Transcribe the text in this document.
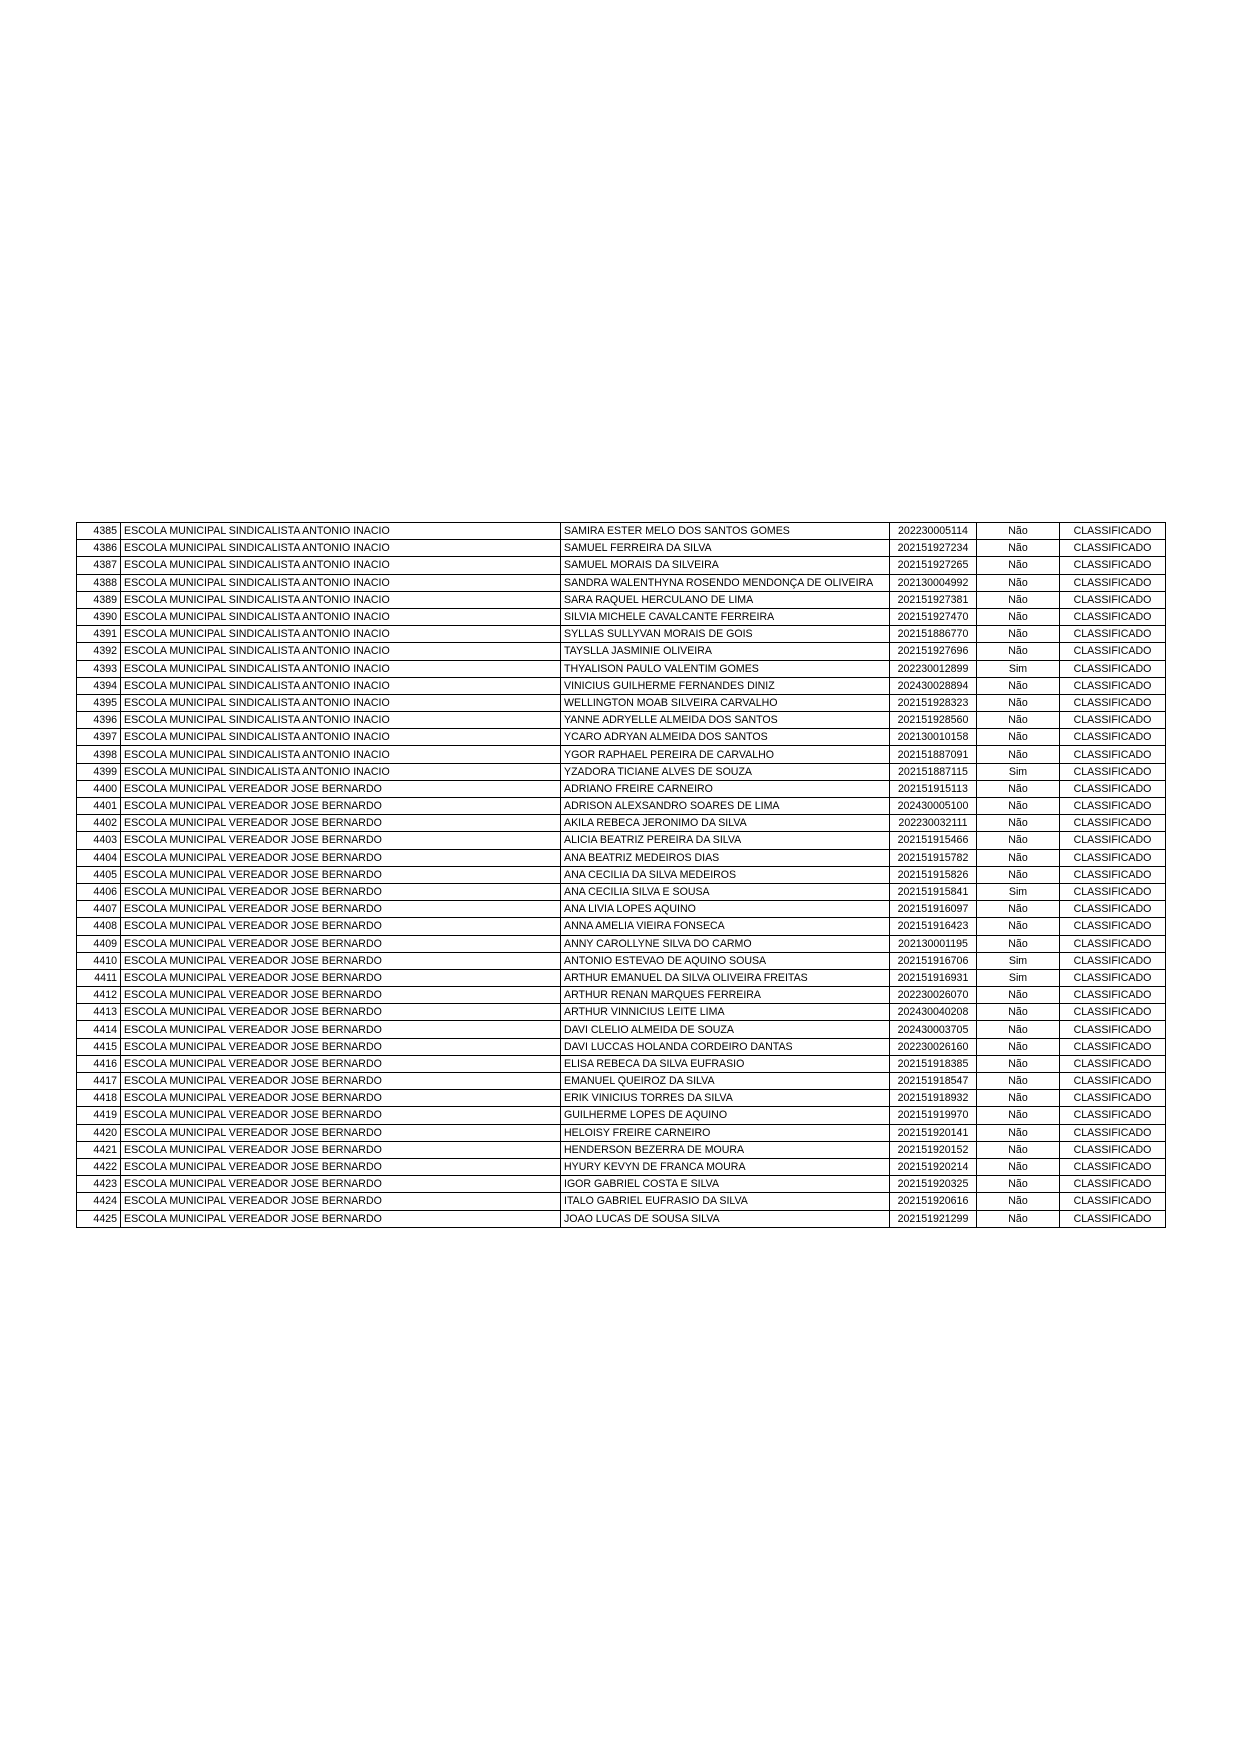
4385	ESCOLA MUNICIPAL SINDICALISTA ANTONIO INACIO	SAMIRA ESTER MELO DOS SANTOS GOMES	202230005114	Não	CLASSIFICADO
4386	ESCOLA MUNICIPAL SINDICALISTA ANTONIO INACIO	SAMUEL FERREIRA DA SILVA	202151927234	Não	CLASSIFICADO
4387	ESCOLA MUNICIPAL SINDICALISTA ANTONIO INACIO	SAMUEL MORAIS DA SILVEIRA	202151927265	Não	CLASSIFICADO
4388	ESCOLA MUNICIPAL SINDICALISTA ANTONIO INACIO	SANDRA WALENTHYNA ROSENDO MENDONÇA DE OLIVEIRA	202130004992	Não	CLASSIFICADO
4389	ESCOLA MUNICIPAL SINDICALISTA ANTONIO INACIO	SARA RAQUEL HERCULANO DE LIMA	202151927381	Não	CLASSIFICADO
4390	ESCOLA MUNICIPAL SINDICALISTA ANTONIO INACIO	SILVIA MICHELE CAVALCANTE FERREIRA	202151927470	Não	CLASSIFICADO
4391	ESCOLA MUNICIPAL SINDICALISTA ANTONIO INACIO	SYLLAS SULLYVAN MORAIS DE GOIS	202151886770	Não	CLASSIFICADO
4392	ESCOLA MUNICIPAL SINDICALISTA ANTONIO INACIO	TAYSLLA JASMINIE OLIVEIRA	202151927696	Não	CLASSIFICADO
4393	ESCOLA MUNICIPAL SINDICALISTA ANTONIO INACIO	THYALISON PAULO VALENTIM GOMES	202230012899	Sim	CLASSIFICADO
4394	ESCOLA MUNICIPAL SINDICALISTA ANTONIO INACIO	VINICIUS GUILHERME FERNANDES DINIZ	202430028894	Não	CLASSIFICADO
4395	ESCOLA MUNICIPAL SINDICALISTA ANTONIO INACIO	WELLINGTON MOAB SILVEIRA CARVALHO	202151928323	Não	CLASSIFICADO
4396	ESCOLA MUNICIPAL SINDICALISTA ANTONIO INACIO	YANNE ADRYELLE ALMEIDA DOS SANTOS	202151928560	Não	CLASSIFICADO
4397	ESCOLA MUNICIPAL SINDICALISTA ANTONIO INACIO	YCARO ADRYAN ALMEIDA DOS SANTOS	202130010158	Não	CLASSIFICADO
4398	ESCOLA MUNICIPAL SINDICALISTA ANTONIO INACIO	YGOR RAPHAEL PEREIRA DE CARVALHO	202151887091	Não	CLASSIFICADO
4399	ESCOLA MUNICIPAL SINDICALISTA ANTONIO INACIO	YZADORA TICIANE ALVES DE SOUZA	202151887115	Sim	CLASSIFICADO
4400	ESCOLA MUNICIPAL VEREADOR JOSE BERNARDO	ADRIANO FREIRE CARNEIRO	202151915113	Não	CLASSIFICADO
4401	ESCOLA MUNICIPAL VEREADOR JOSE BERNARDO	ADRISON ALEXSANDRO SOARES DE LIMA	202430005100	Não	CLASSIFICADO
4402	ESCOLA MUNICIPAL VEREADOR JOSE BERNARDO	AKILA REBECA JERONIMO DA SILVA	202230032111	Não	CLASSIFICADO
4403	ESCOLA MUNICIPAL VEREADOR JOSE BERNARDO	ALICIA BEATRIZ PEREIRA DA SILVA	202151915466	Não	CLASSIFICADO
4404	ESCOLA MUNICIPAL VEREADOR JOSE BERNARDO	ANA BEATRIZ MEDEIROS DIAS	202151915782	Não	CLASSIFICADO
4405	ESCOLA MUNICIPAL VEREADOR JOSE BERNARDO	ANA CECILIA DA SILVA MEDEIROS	202151915826	Não	CLASSIFICADO
4406	ESCOLA MUNICIPAL VEREADOR JOSE BERNARDO	ANA CECILIA SILVA E SOUSA	202151915841	Sim	CLASSIFICADO
4407	ESCOLA MUNICIPAL VEREADOR JOSE BERNARDO	ANA LIVIA LOPES AQUINO	202151916097	Não	CLASSIFICADO
4408	ESCOLA MUNICIPAL VEREADOR JOSE BERNARDO	ANNA AMELIA VIEIRA FONSECA	202151916423	Não	CLASSIFICADO
4409	ESCOLA MUNICIPAL VEREADOR JOSE BERNARDO	ANNY CAROLLYNE SILVA DO CARMO	202130001195	Não	CLASSIFICADO
4410	ESCOLA MUNICIPAL VEREADOR JOSE BERNARDO	ANTONIO ESTEVAO DE AQUINO SOUSA	202151916706	Sim	CLASSIFICADO
4411	ESCOLA MUNICIPAL VEREADOR JOSE BERNARDO	ARTHUR EMANUEL DA SILVA OLIVEIRA FREITAS	202151916931	Sim	CLASSIFICADO
4412	ESCOLA MUNICIPAL VEREADOR JOSE BERNARDO	ARTHUR RENAN MARQUES FERREIRA	202230026070	Não	CLASSIFICADO
4413	ESCOLA MUNICIPAL VEREADOR JOSE BERNARDO	ARTHUR VINNICIUS LEITE LIMA	202430040208	Não	CLASSIFICADO
4414	ESCOLA MUNICIPAL VEREADOR JOSE BERNARDO	DAVI CLELIO ALMEIDA DE SOUZA	202430003705	Não	CLASSIFICADO
4415	ESCOLA MUNICIPAL VEREADOR JOSE BERNARDO	DAVI LUCCAS HOLANDA CORDEIRO DANTAS	202230026160	Não	CLASSIFICADO
4416	ESCOLA MUNICIPAL VEREADOR JOSE BERNARDO	ELISA REBECA DA SILVA EUFRASIO	202151918385	Não	CLASSIFICADO
4417	ESCOLA MUNICIPAL VEREADOR JOSE BERNARDO	EMANUEL QUEIROZ DA SILVA	202151918547	Não	CLASSIFICADO
4418	ESCOLA MUNICIPAL VEREADOR JOSE BERNARDO	ERIK VINICIUS TORRES DA SILVA	202151918932	Não	CLASSIFICADO
4419	ESCOLA MUNICIPAL VEREADOR JOSE BERNARDO	GUILHERME LOPES DE AQUINO	202151919970	Não	CLASSIFICADO
4420	ESCOLA MUNICIPAL VEREADOR JOSE BERNARDO	HELOISY FREIRE CARNEIRO	202151920141	Não	CLASSIFICADO
4421	ESCOLA MUNICIPAL VEREADOR JOSE BERNARDO	HENDERSON BEZERRA DE MOURA	202151920152	Não	CLASSIFICADO
4422	ESCOLA MUNICIPAL VEREADOR JOSE BERNARDO	HYURY KEVYN DE FRANCA MOURA	202151920214	Não	CLASSIFICADO
4423	ESCOLA MUNICIPAL VEREADOR JOSE BERNARDO	IGOR GABRIEL COSTA E SILVA	202151920325	Não	CLASSIFICADO
4424	ESCOLA MUNICIPAL VEREADOR JOSE BERNARDO	ITALO GABRIEL EUFRASIO DA SILVA	202151920616	Não	CLASSIFICADO
4425	ESCOLA MUNICIPAL VEREADOR JOSE BERNARDO	JOAO LUCAS DE SOUSA SILVA	202151921299	Não	CLASSIFICADO
